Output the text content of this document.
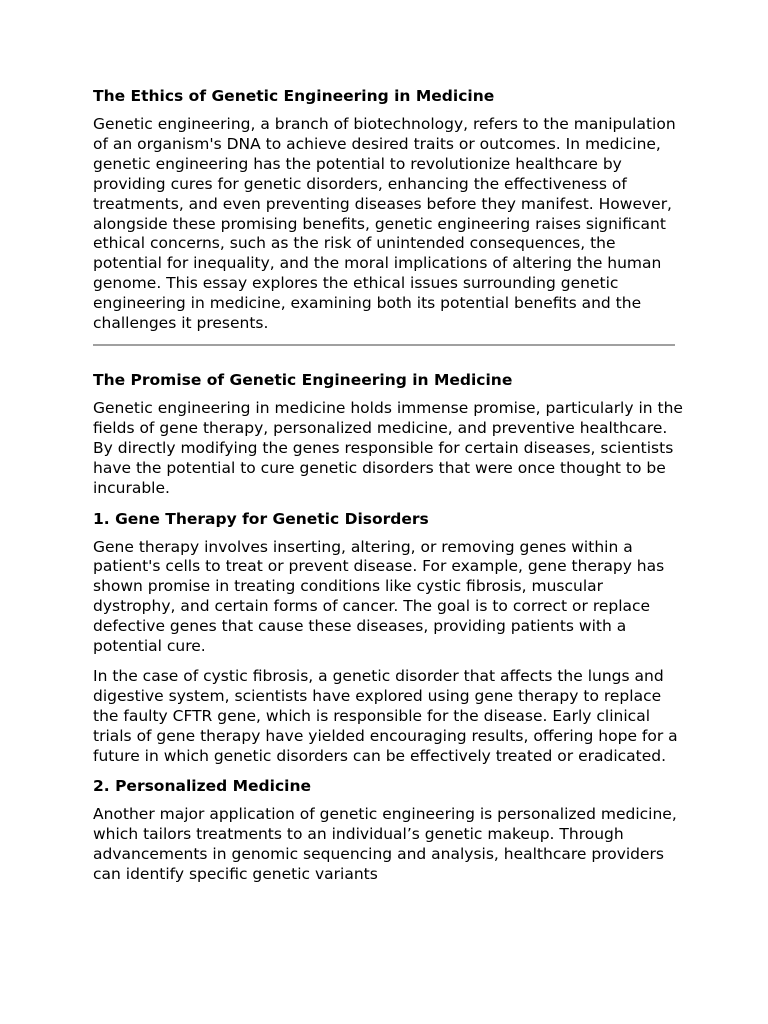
The Ethics of Genetic Engineering in Medicine

Genetic engineering, a branch of biotechnology, refers to the manipulation of an organism's DNA to achieve desired traits or outcomes. In medicine, genetic engineering has the potential to revolutionize healthcare by providing cures for genetic disorders, enhancing the effectiveness of treatments, and even preventing diseases before they manifest. However, alongside these promising benefits, genetic engineering raises significant ethical concerns, such as the risk of unintended consequences, the potential for inequality, and the moral implications of altering the human genome. This essay explores the ethical issues surrounding genetic engineering in medicine, examining both its potential benefits and the challenges it presents.

The Promise of Genetic Engineering in Medicine

Genetic engineering in medicine holds immense promise, particularly in the fields of gene therapy, personalized medicine, and preventive healthcare. By directly modifying the genes responsible for certain diseases, scientists have the potential to cure genetic disorders that were once thought to be incurable.

1. Gene Therapy for Genetic Disorders

Gene therapy involves inserting, altering, or removing genes within a patient's cells to treat or prevent disease. For example, gene therapy has shown promise in treating conditions like cystic fibrosis, muscular dystrophy, and certain forms of cancer. The goal is to correct or replace defective genes that cause these diseases, providing patients with a potential cure.

In the case of cystic fibrosis, a genetic disorder that affects the lungs and digestive system, scientists have explored using gene therapy to replace the faulty CFTR gene, which is responsible for the disease. Early clinical trials of gene therapy have yielded encouraging results, offering hope for a future in which genetic disorders can be effectively treated or eradicated.

2. Personalized Medicine

Another major application of genetic engineering is personalized medicine, which tailors treatments to an individual’s genetic makeup. Through advancements in genomic sequencing and analysis, healthcare providers can identify specific genetic variants
